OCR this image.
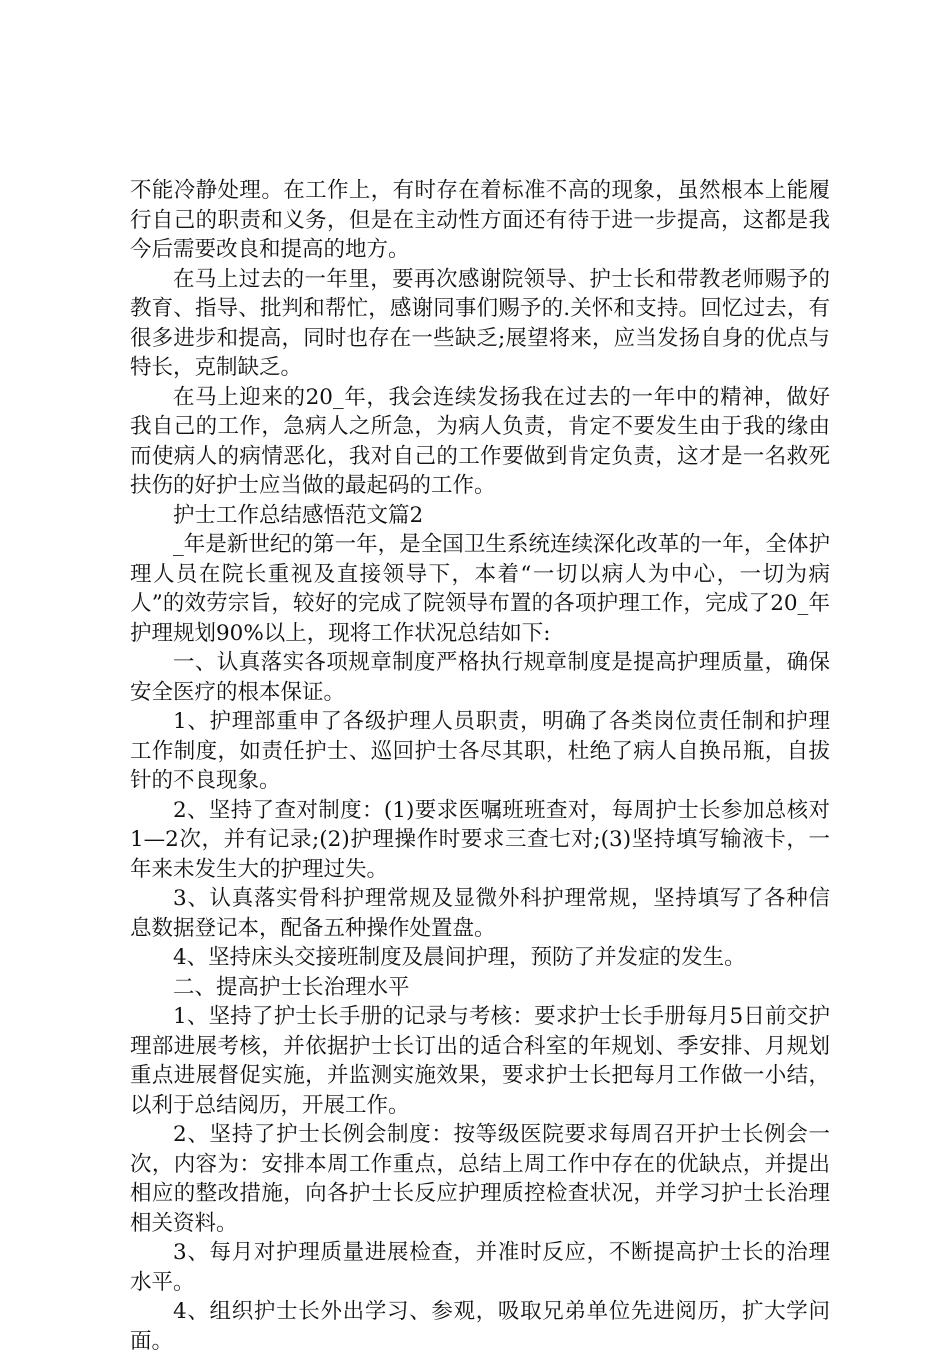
不能冷静处理。在工作上，有时存在着标准不高的现象，虽然根本上能履行自己的职责和义务，但是在主动性方面还有待于进一步提高，这都是我今后需要改良和提高的地方。

在马上过去的一年里，要再次感谢院领导、护士长和带教老师赐予的教育、指导、批判和帮忙，感谢同事们赐予的.关怀和支持。回忆过去，有很多进步和提高，同时也存在一些缺乏;展望将来，应当发扬自身的优点与特长，克制缺乏。

在马上迎来的20_年，我会连续发扬我在过去的一年中的精神，做好我自己的工作，急病人之所急，为病人负责，肯定不要发生由于我的缘由而使病人的病情恶化，我对自己的工作要做到肯定负责，这才是一名救死扶伤的好护士应当做的最起码的工作。

护士工作总结感悟范文篇2

_年是新世纪的第一年，是全国卫生系统连续深化改革的一年，全体护理人员在院长重视及直接领导下，本着“一切以病人为中心，一切为病人”的效劳宗旨，较好的完成了院领导布置的各项护理工作，完成了20_年护理规划90%以上，现将工作状况总结如下:

一、认真落实各项规章制度严格执行规章制度是提高护理质量，确保安全医疗的根本保证。

1、护理部重申了各级护理人员职责，明确了各类岗位责任制和护理工作制度，如责任护士、巡回护士各尽其职，杜绝了病人自换吊瓶，自拔针的不良现象。

2、坚持了查对制度：(1)要求医嘱班班查对，每周护士长参加总核对1—2次，并有记录;(2)护理操作时要求三查七对;(3)坚持填写输液卡，一年来未发生大的护理过失。

3、认真落实骨科护理常规及显微外科护理常规，坚持填写了各种信息数据登记本，配备五种操作处置盘。

4、坚持床头交接班制度及晨间护理，预防了并发症的发生。

二、提高护士长治理水平

1、坚持了护士长手册的记录与考核：要求护士长手册每月5日前交护理部进展考核，并依据护士长订出的适合科室的年规划、季安排、月规划重点进展督促实施，并监测实施效果，要求护士长把每月工作做一小结，以利于总结阅历，开展工作。

2、坚持了护士长例会制度：按等级医院要求每周召开护士长例会一次，内容为：安排本周工作重点，总结上周工作中存在的优缺点，并提出相应的整改措施，向各护士长反应护理质控检查状况，并学习护士长治理相关资料。

3、每月对护理质量进展检查，并准时反应，不断提高护士长的治理水平。

4、组织护士长外出学习、参观，吸取兄弟单位先进阅历，扩大学问面。
